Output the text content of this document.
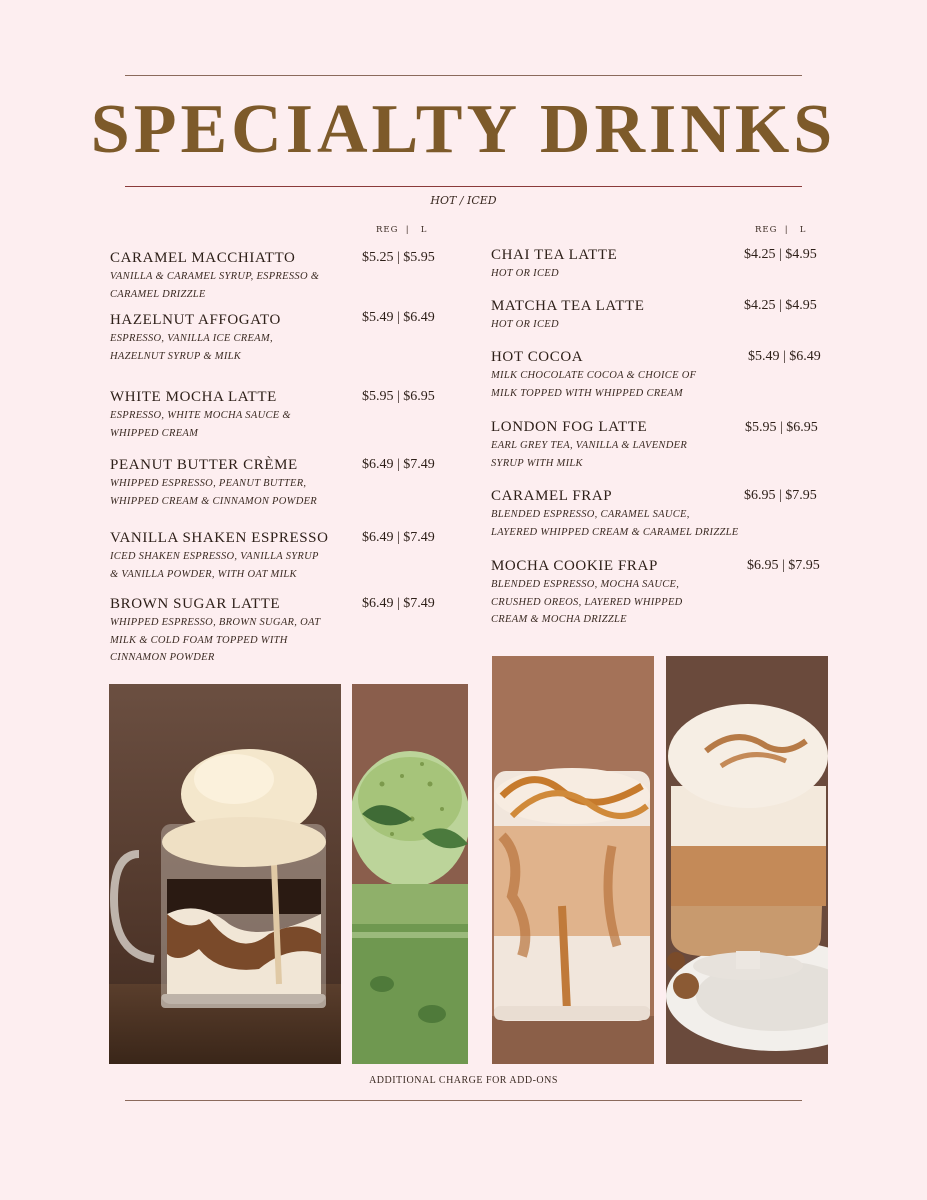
SPECIALTY DRINKS
HOT / ICED
REG  |   L	REG  |   L
CARAMEL MACCHIATTO
VANILLA & CARAMEL SYRUP, ESPRESSO &
CARAMEL DRIZZLE
$5.25 | $5.95
HAZELNUT AFFOGATO
ESPRESSO, VANILLA ICE CREAM,
HAZELNUT SYRUP & MILK
$5.49 | $6.49
WHITE MOCHA LATTE
ESPRESSO, WHITE MOCHA SAUCE &
WHIPPED CREAM
$5.95 | $6.95
PEANUT BUTTER CRÈME
WHIPPED ESPRESSO, PEANUT BUTTER,
WHIPPED CREAM & CINNAMON POWDER
$6.49 | $7.49
VANILLA SHAKEN ESPRESSO
ICED SHAKEN ESPRESSO, VANILLA SYRUP
& VANILLA POWDER, WITH OAT MILK
$6.49 | $7.49
BROWN SUGAR LATTE
WHIPPED ESPRESSO, BROWN SUGAR, OAT
MILK & COLD FOAM TOPPED WITH
CINNAMON POWDER
$6.49 | $7.49
CHAI TEA LATTE
HOT OR ICED
$4.25 | $4.95
MATCHA TEA LATTE
HOT OR ICED
$4.25 | $4.95
HOT COCOA
MILK CHOCOLATE COCOA & CHOICE OF
MILK TOPPED WITH WHIPPED CREAM
$5.49 | $6.49
LONDON FOG LATTE
EARL GREY TEA, VANILLA & LAVENDER
SYRUP WITH MILK
$5.95 | $6.95
CARAMEL FRAP
BLENDED ESPRESSO, CARAMEL SAUCE,
LAYERED WHIPPED CREAM & CARAMEL DRIZZLE
$6.95 | $7.95
MOCHA COOKIE FRAP
BLENDED ESPRESSO, MOCHA SAUCE,
CRUSHED OREOS, LAYERED WHIPPED
CREAM & MOCHA DRIZZLE
$6.95 | $7.95
ADDITIONAL CHARGE FOR ADD-ONS
